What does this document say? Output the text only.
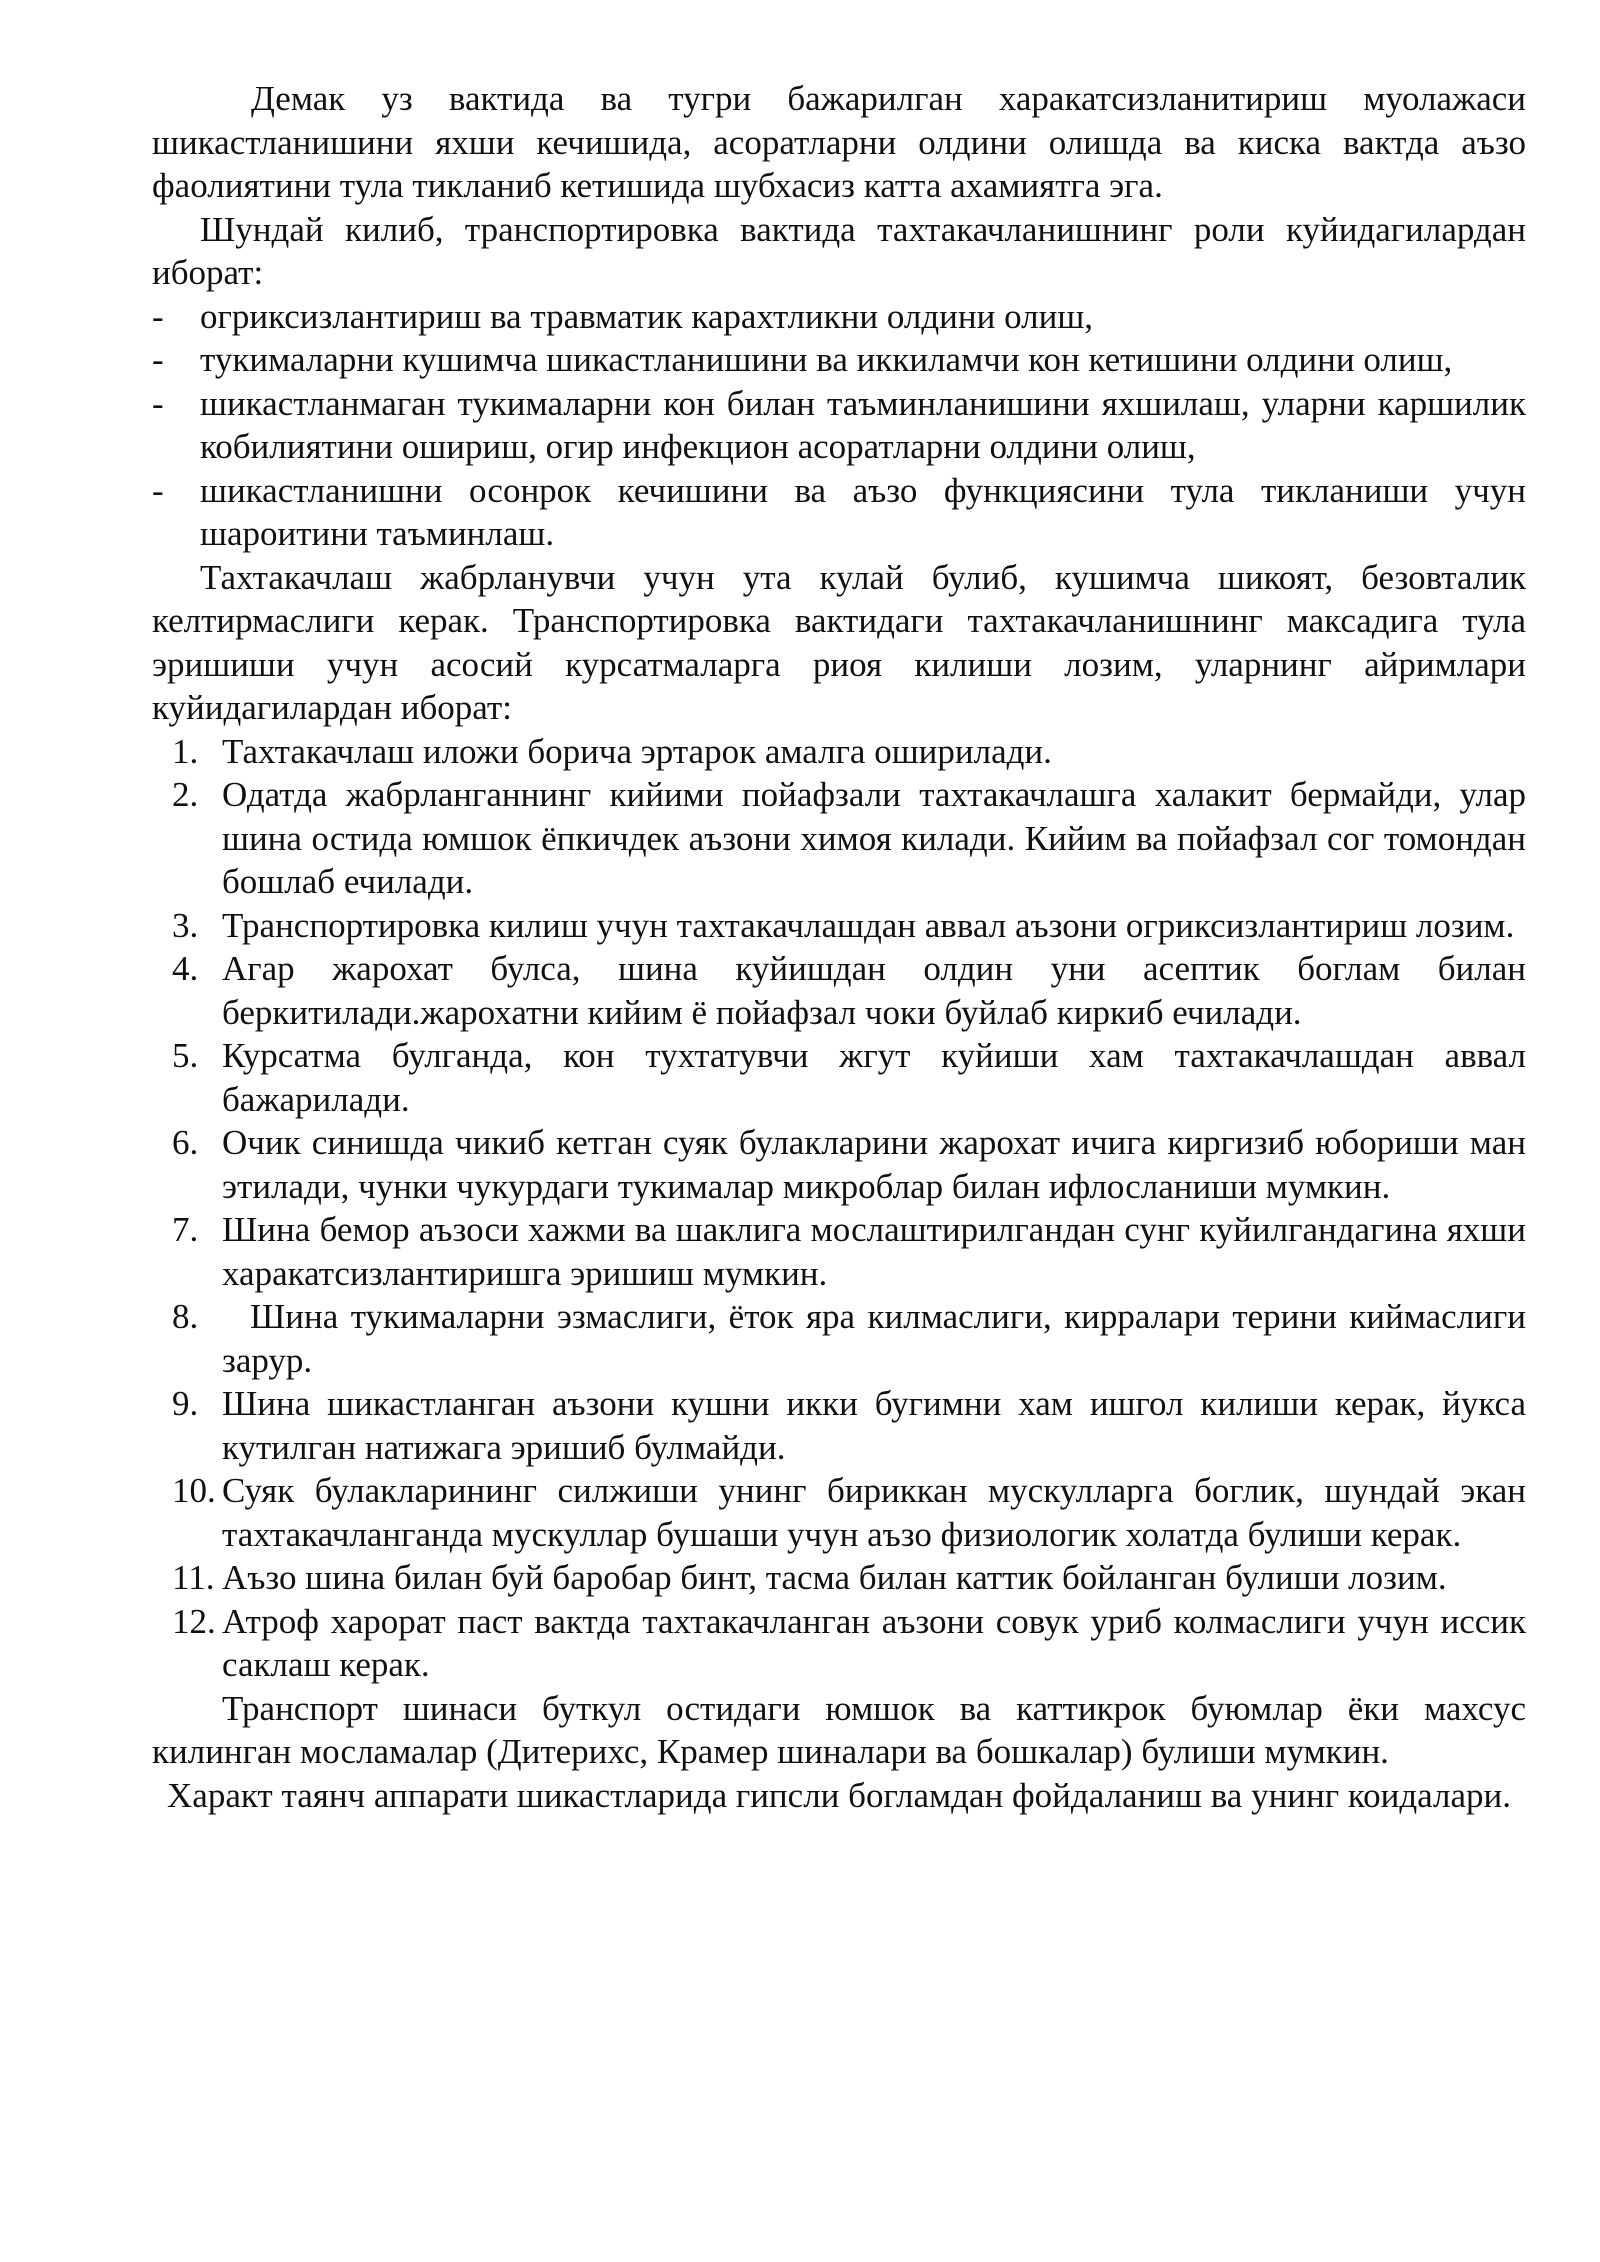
Демак уз вактида ва тугри бажарилган харакатсизланитириш муолажаси шикастланишини яхши кечишида, асоратларни олдини олишда ва киска вактда аъзо фаолиятини тула тикланиб кетишида шубхасиз катта ахамиятга эга.

Шундай килиб, транспортировка вактида тахтакачланишнинг роли куйидагилардан иборат:

- огриксизлантириш ва травматик карахтликни олдини олиш,
- тукималарни кушимча шикастланишини ва иккиламчи кон кетишини олдини олиш,
- шикастланмаган тукималарни кон билан таъминланишини яхшилаш, уларни каршилик кобилиятини ошириш, огир инфекцион асоратларни олдини олиш,
- шикастланишни осонрок кечишини ва аъзо функциясини тула тикланиши учун шароитини таъминлаш.

Тахтакачлаш жабрланувчи учун ута кулай булиб, кушимча шикоят, безовталик келтирмаслиги керак. Транспортировка вактидаги тахтакачланишнинг максадига тула эришиши учун асосий курсатмаларга риоя килиши лозим, уларнинг айримлари куйидагилардан иборат:

1. Тахтакачлаш иложи борича эртарок амалга оширилади.
2. Одатда жабрланганнинг кийими пойафзали тахтакачлашга халакит бермайди, улар шина остида юмшок ёпкичдек аъзони химоя килади. Кийим ва пойафзал сог томондан бошлаб ечилади.
3. Транспортировка килиш учун тахтакачлашдан аввал аъзони огриксизлантириш лозим.
4. Агар жарохат булса, шина куйишдан олдин уни асептик боглам билан беркитилади.жарохатни кийим ё пойафзал чоки буйлаб киркиб ечилади.
5. Курсатма булганда, кон тухтатувчи жгут куйиши хам тахтакачлашдан аввал бажарилади.
6. Очик синишда чикиб кетган суяк булакларини жарохат ичига киргизиб юбориши ман этилади, чунки чукурдаги тукималар микроблар билан ифлосланиши мумкин.
7. Шина бемор аъзоси хажми ва шаклига мослаштирилгандан сунг куйилгандагина яхши харакатсизлантиришга эришиш мумкин.
8.	Шина тукималарни эзмаслиги, ёток яра килмаслиги, кирралари терини киймаслиги зарур.
9. Шина шикастланган аъзони кушни икки бугимни хам ишгол килиши керак, йукса кутилган натижага эришиб булмайди.
10. Суяк булакларининг силжиши унинг бириккан мускулларга боглик, шундай экан тахтакачланганда мускуллар бушаши учун аъзо физиологик холатда булиши керак.
11. Аъзо шина билан буй баробар бинт, тасма билан каттик бойланган булиши лозим.
12. Атроф харорат паст вактда тахтакачланган аъзони совук уриб колмаслиги учун иссик саклаш керак.

Транспорт шинаси буткул остидаги юмшок ва каттикрок буюмлар ёки махсус килинган мосламалар (Дитерихс, Крамер шиналари ва бошкалар) булиши мумкин.

Характ таянч аппарати шикастларида гипсли богламдан фойдаланиш ва унинг коидалари.
